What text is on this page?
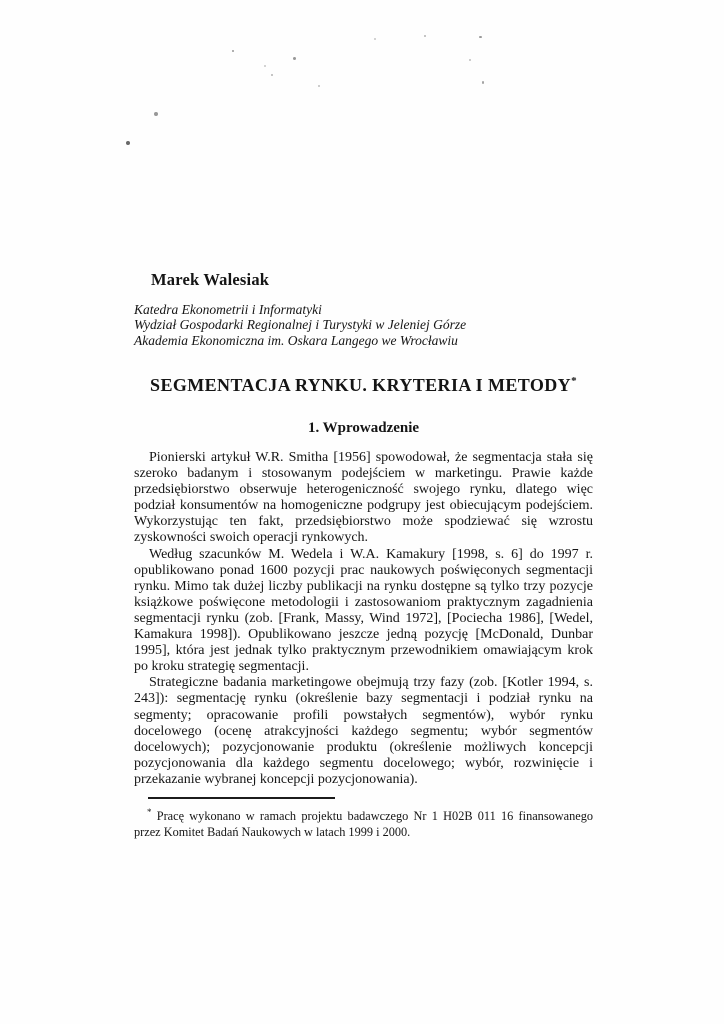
Marek Walesiak
Katedra Ekonometrii i Informatyki
Wydział Gospodarki Regionalnej i Turystyki w Jeleniej Górze
Akademia Ekonomiczna im. Oskara Langego we Wrocławiu
SEGMENTACJA RYNKU. KRYTERIA I METODY*
1. Wprowadzenie

Pionierski artykuł W.R. Smitha [1956] spowodował, że segmentacja stała się szeroko badanym i stosowanym podejściem w marketingu. Prawie każde przedsiębiorstwo obserwuje heterogeniczność swojego rynku, dlatego więc podział konsumentów na homogeniczne podgrupy jest obiecującym podejściem. Wykorzystując ten fakt, przedsiębiorstwo może spodziewać się wzrostu zyskowności swoich operacji rynkowych.

Według szacunków M. Wedela i W.A. Kamakury [1998, s. 6] do 1997 r. opublikowano ponad 1600 pozycji prac naukowych poświęconych segmentacji rynku. Mimo tak dużej liczby publikacji na rynku dostępne są tylko trzy pozycje książkowe poświęcone metodologii i zastosowaniom praktycznym zagadnienia segmentacji rynku (zob. [Frank, Massy, Wind 1972], [Pociecha 1986], [Wedel, Kamakura 1998]). Opublikowano jeszcze jedną pozycję [McDonald, Dunbar 1995], która jest jednak tylko praktycznym przewodnikiem omawiającym krok po kroku strategię segmentacji.

Strategiczne badania marketingowe obejmują trzy fazy (zob. [Kotler 1994, s. 243]): segmentację rynku (określenie bazy segmentacji i podział rynku na segmenty; opracowanie profili powstałych segmentów), wybór rynku docelowego (ocenę atrakcyjności każdego segmentu; wybór segmentów docelowych); pozycjonowanie produktu (określenie możliwych koncepcji pozycjonowania dla każdego segmentu docelowego; wybór, rozwinięcie i przekazanie wybranej koncepcji pozycjonowania).

* Pracę wykonano w ramach projektu badawczego Nr 1 H02B 011 16 finansowanego przez Komitet Badań Naukowych w latach 1999 i 2000.
